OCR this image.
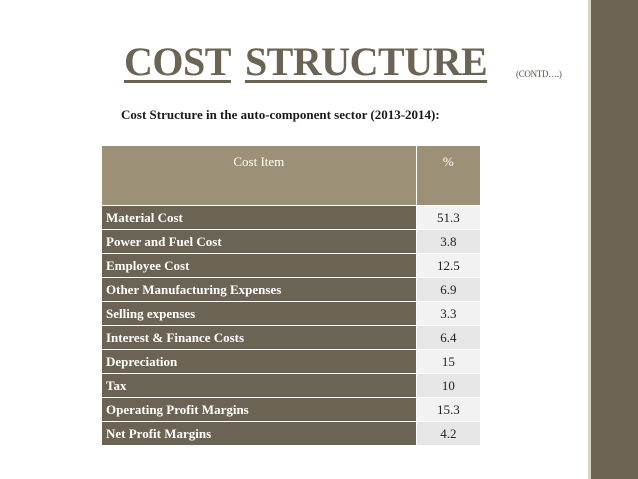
COST STRUCTURE	(CONTD….)
Cost Structure in the auto-component sector (2013-2014):
Cost Item	%
Material Cost	51.3
Power and Fuel Cost	3.8
Employee Cost	12.5
Other Manufacturing Expenses	6.9
Selling expenses	3.3
Interest & Finance Costs	6.4
Depreciation	15
Tax	10
Operating Profit Margins	15.3
Net Profit Margins	4.2
